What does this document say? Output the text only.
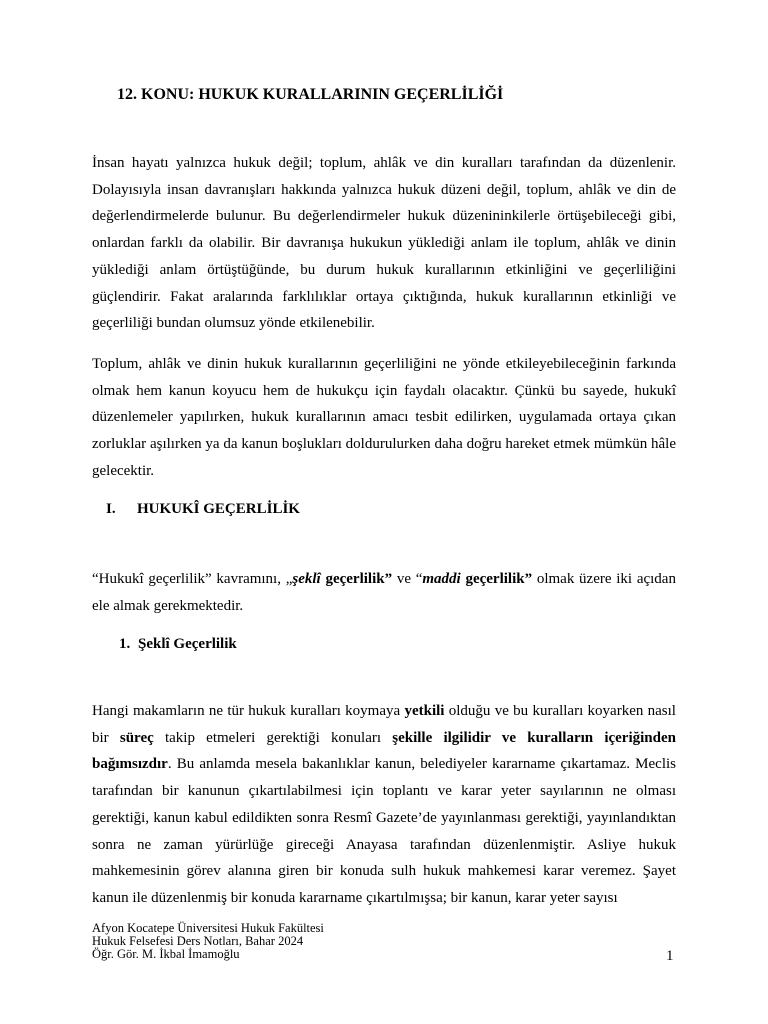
12. KONU: HUKUK KURALLARININ GEÇERLİLİĞİ

İnsan hayatı yalnızca hukuk değil; toplum, ahlâk ve din kuralları tarafından da düzenlenir. Dolayısıyla insan davranışları hakkında yalnızca hukuk düzeni değil, toplum, ahlâk ve din de değerlendirmelerde bulunur. Bu değerlendirmeler hukuk düzenininkilerle örtüşebileceği gibi, onlardan farklı da olabilir. Bir davranışa hukukun yüklediği anlam ile toplum, ahlâk ve dinin yüklediği anlam örtüştüğünde, bu durum hukuk kurallarının etkinliğini ve geçerliliğini güçlendirir. Fakat aralarında farklılıklar ortaya çıktığında, hukuk kurallarının etkinliği ve geçerliliği bundan olumsuz yönde etkilenebilir.

Toplum, ahlâk ve dinin hukuk kurallarının geçerliliğini ne yönde etkileyebileceğinin farkında olmak hem kanun koyucu hem de hukukçu için faydalı olacaktır. Çünkü bu sayede, hukukî düzenlemeler yapılırken, hukuk kurallarının amacı tesbit edilirken, uygulamada ortaya çıkan zorluklar aşılırken ya da kanun boşlukları doldurulurken daha doğru hareket etmek mümkün hâle gelecektir.

I. HUKUKÎ GEÇERLİLİK

“Hukukî geçerlilik” kavramını, „şeklî geçerlilik” ve “maddi geçerlilik” olmak üzere iki açıdan ele almak gerekmektedir.

1. Şeklî Geçerlilik

Hangi makamların ne tür hukuk kuralları koymaya yetkili olduğu ve bu kuralları koyarken nasıl bir süreç takip etmeleri gerektiği konuları şekille ilgilidir ve kuralların içeriğinden bağımsızdır. Bu anlamda mesela bakanlıklar kanun, belediyeler kararname çıkartamaz. Meclis tarafından bir kanunun çıkartılabilmesi için toplantı ve karar yeter sayılarının ne olması gerektiği, kanun kabul edildikten sonra Resmî Gazete’de yayınlanması gerektiği, yayınlandıktan sonra ne zaman yürürlüğe gireceği Anayasa tarafından düzenlenmiştir. Asliye hukuk mahkemesinin görev alanına giren bir konuda sulh hukuk mahkemesi karar veremez. Şayet kanun ile düzenlenmiş bir konuda kararname çıkartılmışsa; bir kanun, karar yeter sayısı

Afyon Kocatepe Üniversitesi Hukuk Fakültesi
Hukuk Felsefesi Ders Notları, Bahar 2024
Öğr. Gör. M. İkbal İmamoğlu	1
